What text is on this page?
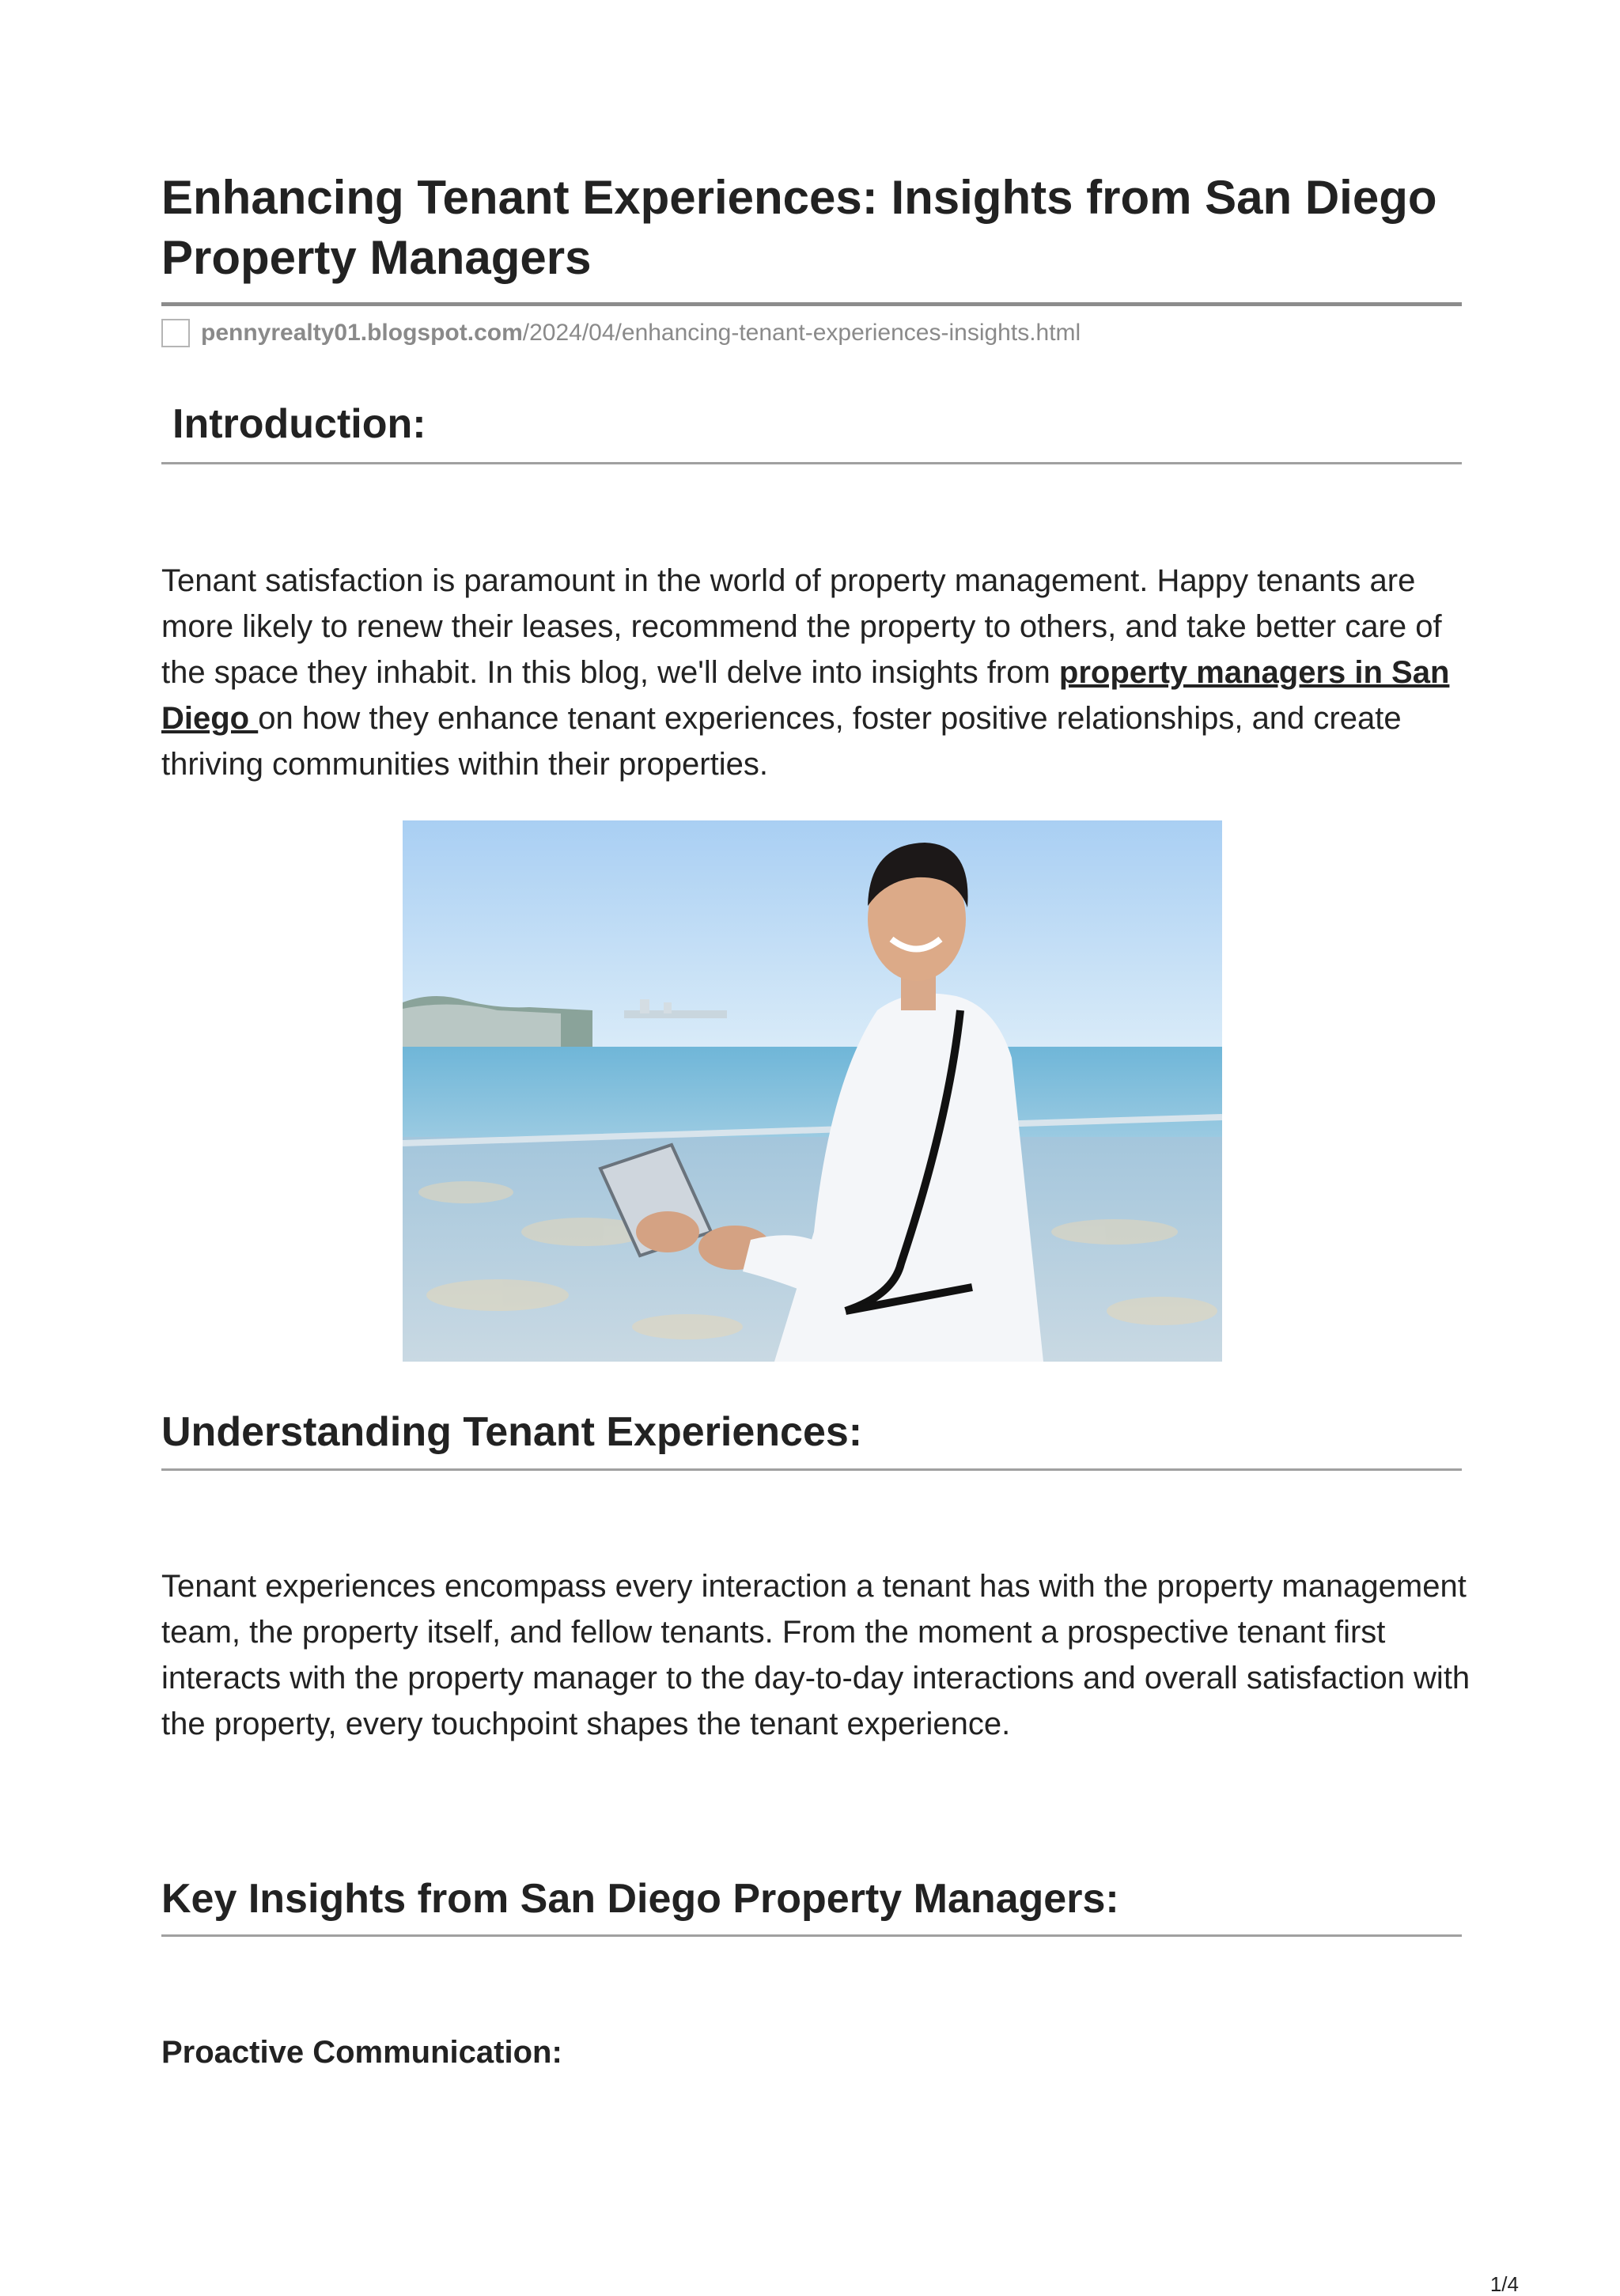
Enhancing Tenant Experiences: Insights from San Diego Property Managers
pennyrealty01.blogspot.com /2024/04/enhancing-tenant-experiences-insights.html
Introduction:

Tenant satisfaction is paramount in the world of property management. Happy tenants are more likely to renew their leases, recommend the property to others, and take better care of the space they inhabit. In this blog, we'll delve into insights from property managers in San Diego on how they enhance tenant experiences, foster positive relationships, and create thriving communities within their properties.

Understanding Tenant Experiences:

Tenant experiences encompass every interaction a tenant has with the property management team, the property itself, and fellow tenants. From the moment a prospective tenant first interacts with the property manager to the day-to-day interactions and overall satisfaction with the property, every touchpoint shapes the tenant experience.

Key Insights from San Diego Property Managers:
Proactive Communication:
1/4
